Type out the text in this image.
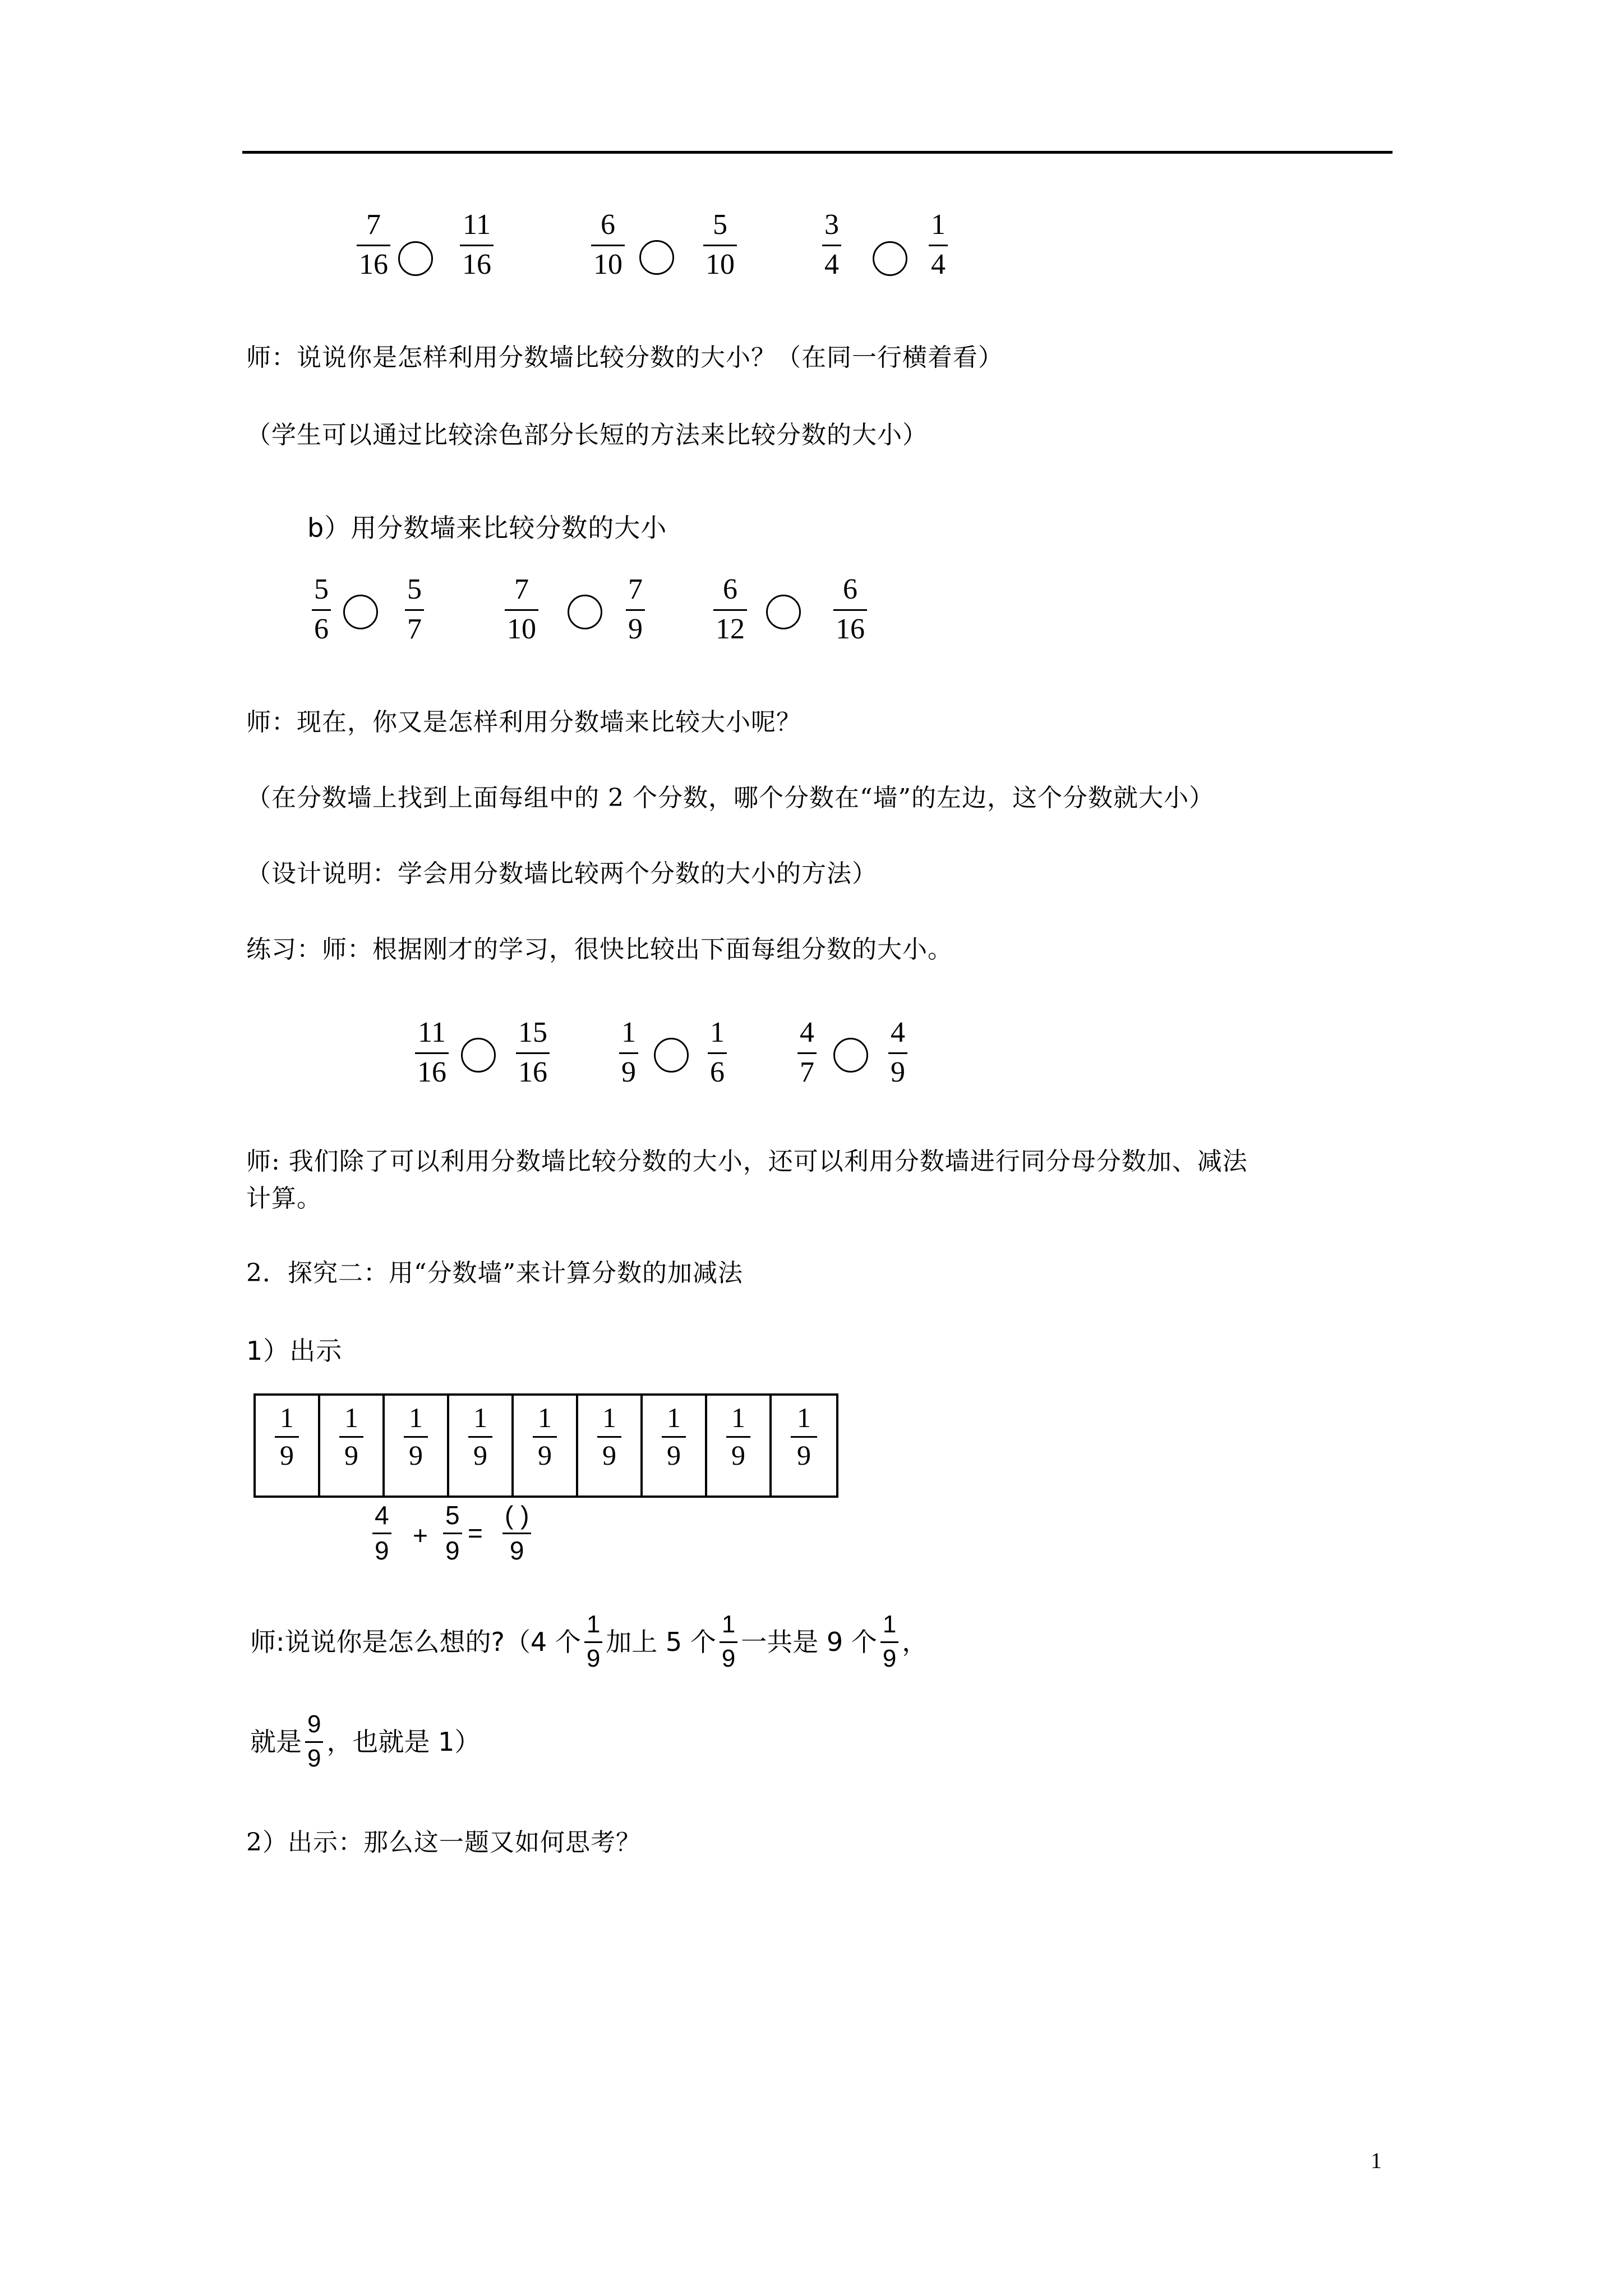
7
16
11
16
6
10
5
10
3
4
1
4
师：说说你是怎样利用分数墙比较分数的大小？（在同一行横着看）
（学生可以通过比较涂色部分长短的方法来比较分数的大小）
b）用分数墙来比较分数的大小
5
6
5
7
7
10
7
9
6
12
6
16
师：现在，你又是怎样利用分数墙来比较大小呢？
（在分数墙上找到上面每组中的 2 个分数，哪个分数在“墙”的左边，这个分数就大小）
（设计说明：学会用分数墙比较两个分数的大小的方法）
练习：师：根据刚才的学习，很快比较出下面每组分数的大小。
11
16
15
16
1
9
1
6
4
7
4
9
师: 我们除了可以利用分数墙比较分数的大小，还可以利用分数墙进行同分母分数加、减法
计算。
2．探究二：用“分数墙”来计算分数的加减法
1）出示
1
9
1
9
1
9
1
9
1
9
1
9
1
9
1
9
1
9
4
9
+
5
9
=
( )
9
师:说说你是怎么想的?（4 个 $\frac{1}{9}$ 加上 5 个 $\frac{1}{9}$ 一共是 9 个 $\frac{1}{9}$ ，
就是 $\frac{9}{9}$ ，也就是 1）
2）出示：那么这一题又如何思考？
1
